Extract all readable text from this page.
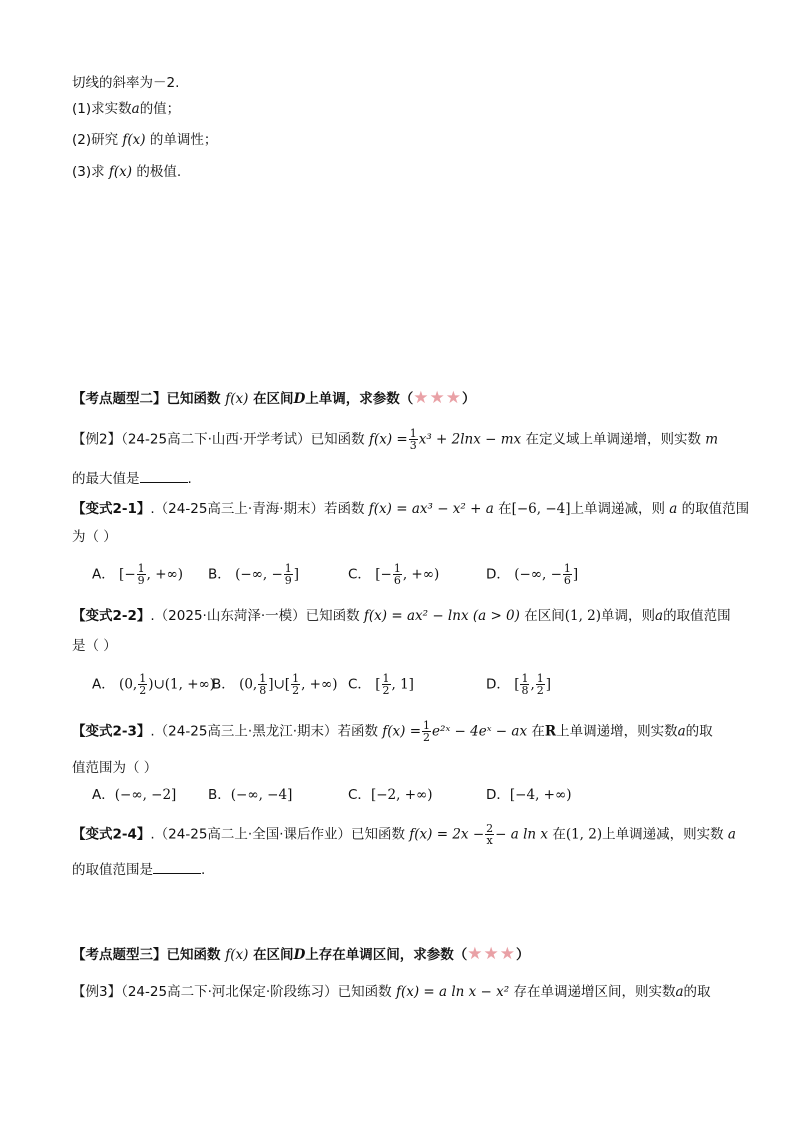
切线的斜率为－2.
(1)求实数a的值；
(2)研究 f(x) 的单调性；
(3)求 f(x) 的极值.
【考点题型二】已知函数 f(x) 在区间D上单调，求参数（★★★）
【例2】（24-25高二下·山西·开学考试）已知函数 $f(x) = \frac{1}{3} x^3 + 2\ln x$ − mx 在定义域上单调递增，则实数 m
的最大值是	.
【变式2-1】.（24-25高三上·青海·期末）若函数 f(x) = ax³ − x² + a 在[−6, −4]上单调递减，则 a 的取值范围
为（ ）
A． [− $\frac{1}{9}$ , +∞) B． (−∞, − $\frac{1}{9}$ ]	C． [− $\frac{1}{6}$ , +∞)	D． (−∞, − $\frac{1}{6}$ ]
【变式2-2】.（2025·山东菏泽·一模）已知函数 f(x) = ax² − lnx (a > 0) 在区间(1, 2)单调，则a的取值范围
是（ ）
A． (0, $\frac{1}{2}$ )∪(1, +∞)
B． (0, $\frac{1}{8}$ ]∪[ $\frac{1}{2}$ , +∞) C． [ $\frac{1}{2}$ , 1]	D． [ $\frac{1}{8}$ , $\frac{1}{2}$ ]
【变式2-3】.（24-25高三上·黑龙江·期末）若函数 $f(x) = \frac{1}{2}$ e²ˣ − 4eˣ − ax 在R上单调递增，则实数a的取
值范围为（ ）
A．(−∞, −2] B．(−∞, −4]	C．[−2, +∞)	D．[−4, +∞)
【变式2-4】.（24-25高二上·全国·课后作业）已知函数 $f(x) = 2x - \frac{2}{x} - a$ ln x 在(1, 2)上单调递减，则实数 a
的取值范围是	.
【考点题型三】已知函数 f(x) 在区间D上存在单调区间，求参数（★★★）
【例3】（24-25高二下·河北保定·阶段练习）已知函数 f(x) = a ln x − x² 存在单调递增区间，则实数a的取
